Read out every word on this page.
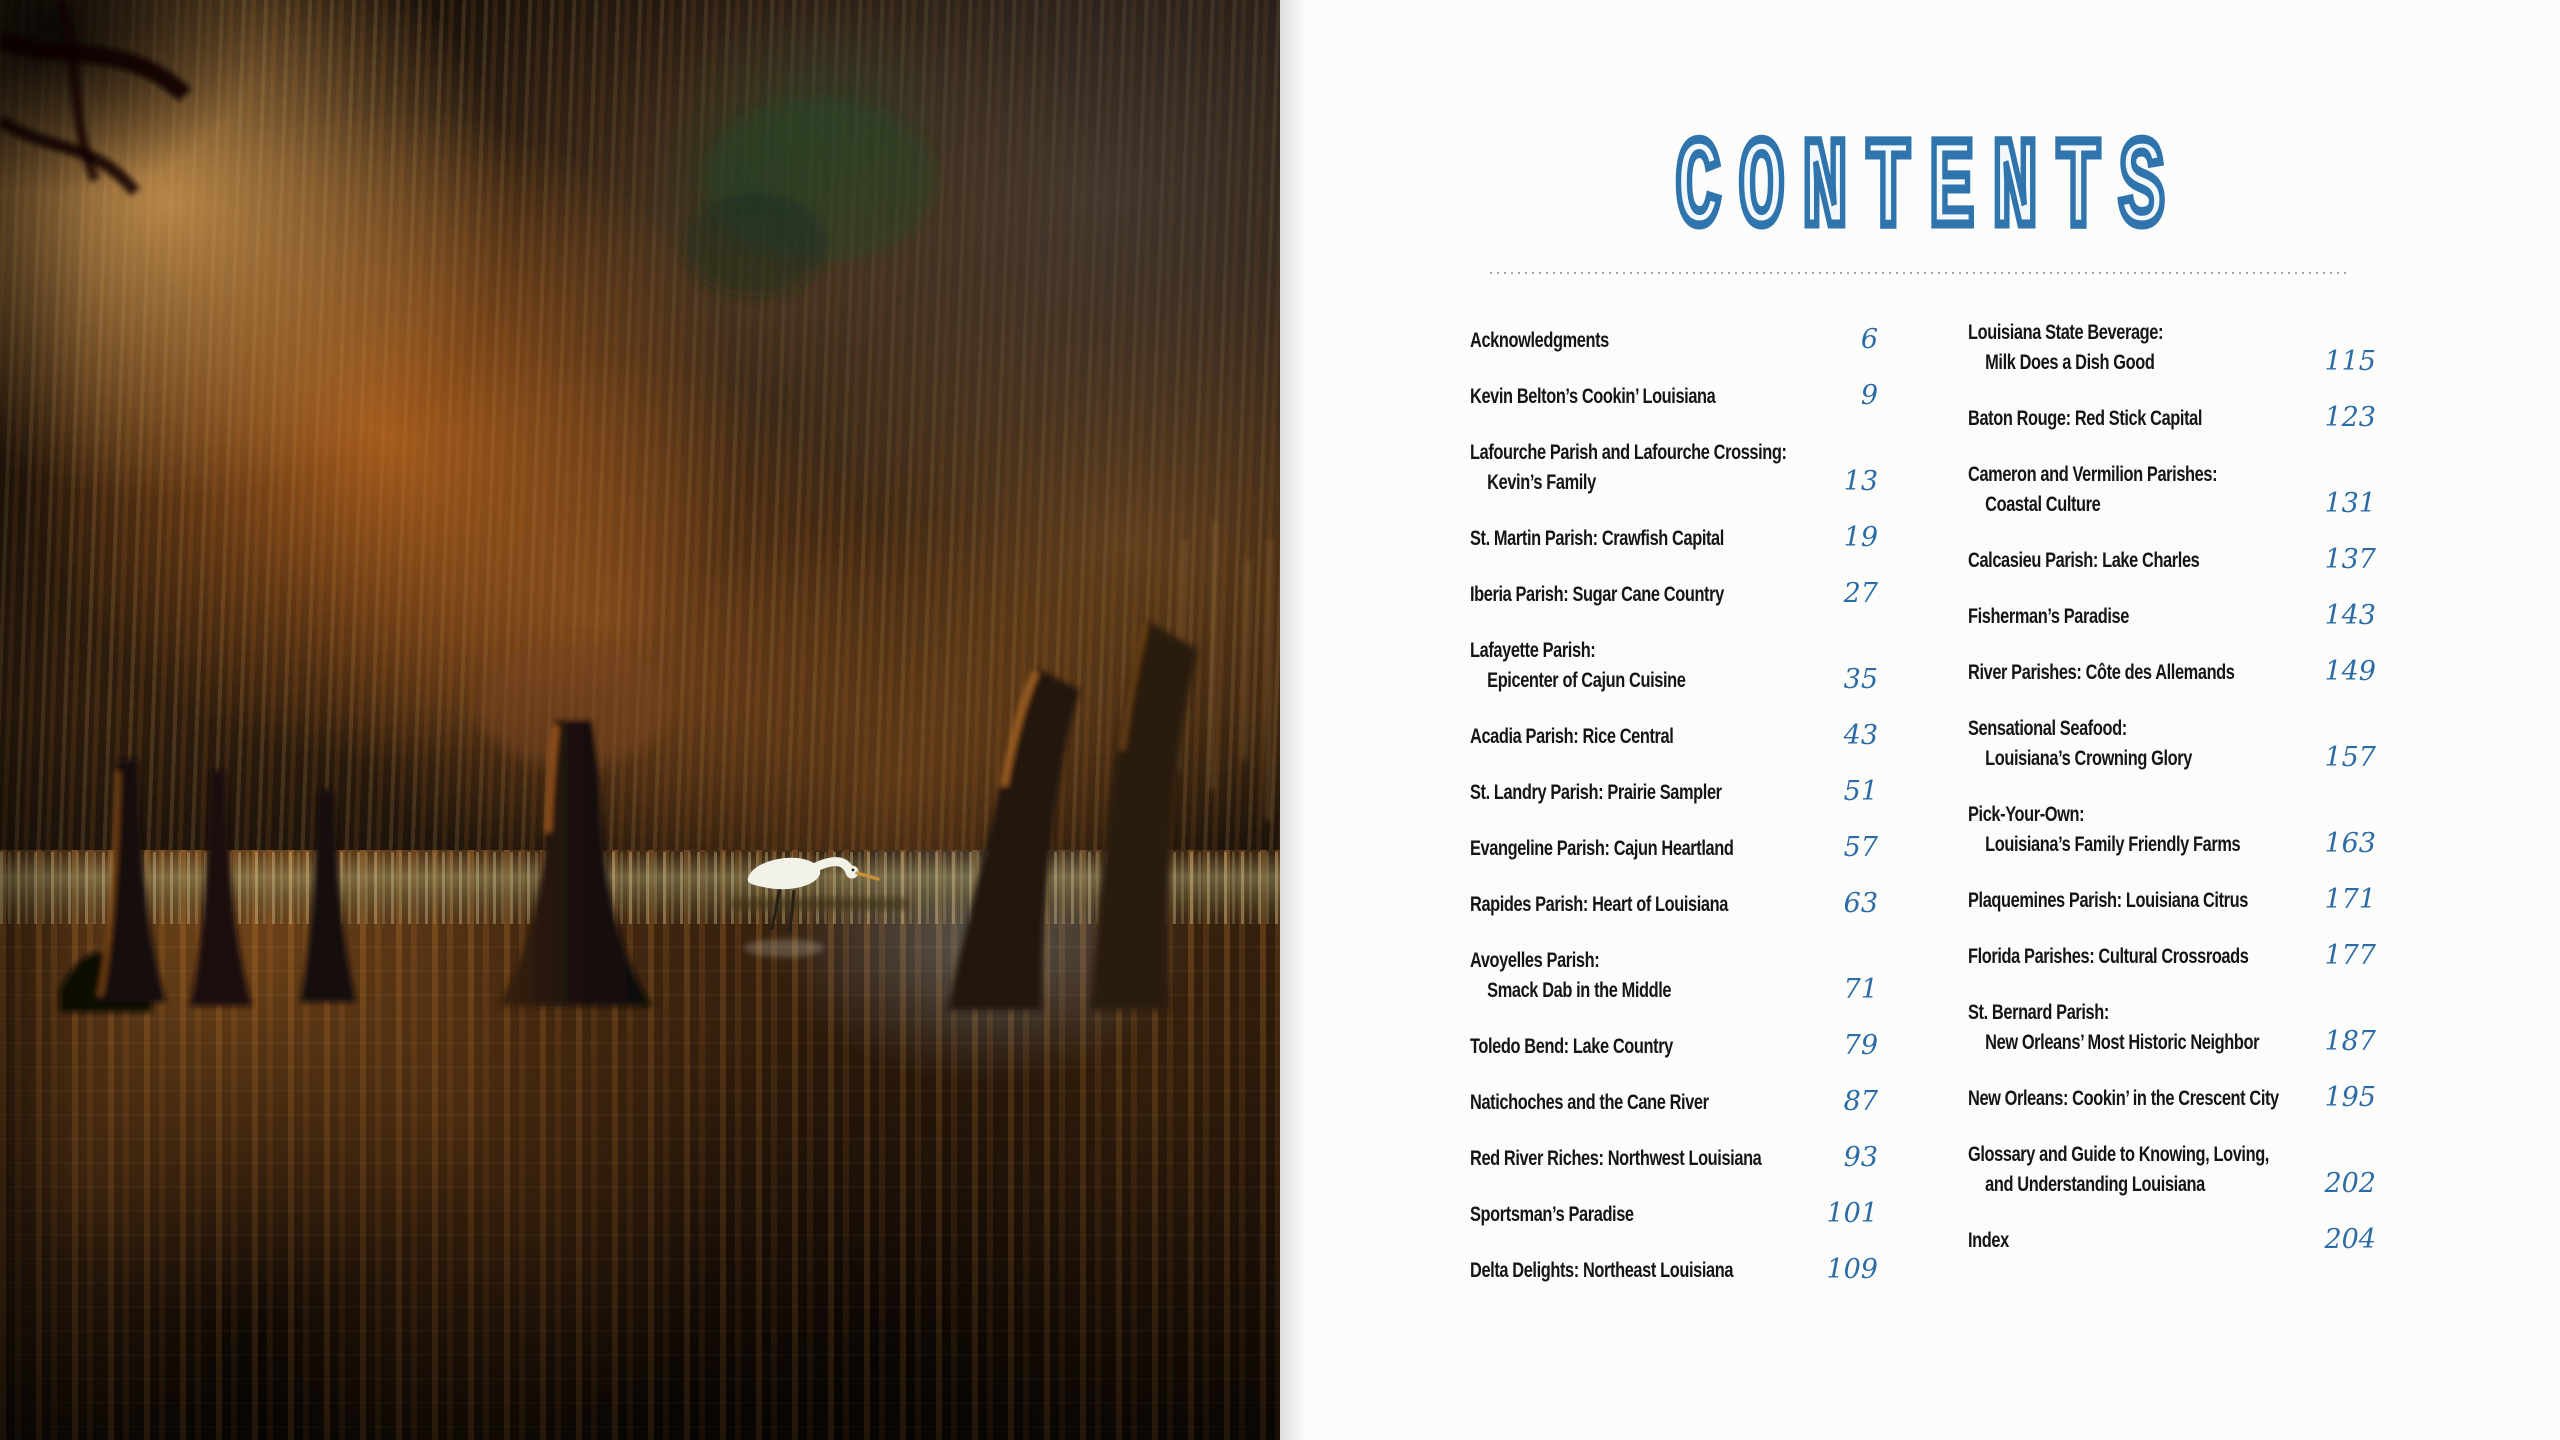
CONTENTS
Acknowledgments	6
Kevin Belton’s Cookin’ Louisiana	9
Lafourche Parish and Lafourche Crossing:
Kevin’s Family	13
St. Martin Parish: Crawfish Capital	19
Iberia Parish: Sugar Cane Country	27
Lafayette Parish:
Epicenter of Cajun Cuisine	35
Acadia Parish: Rice Central	43
St. Landry Parish: Prairie Sampler	51
Evangeline Parish: Cajun Heartland	57
Rapides Parish: Heart of Louisiana	63
Avoyelles Parish:
Smack Dab in the Middle	71
Toledo Bend: Lake Country	79
Natichoches and the Cane River	87
Red River Riches: Northwest Louisiana	93
Sportsman’s Paradise	101
Delta Delights: Northeast Louisiana	109
Louisiana State Beverage:
Milk Does a Dish Good	115
Baton Rouge: Red Stick Capital	123
Cameron and Vermilion Parishes:
Coastal Culture	131
Calcasieu Parish: Lake Charles	137
Fisherman’s Paradise	143
River Parishes: Côte des Allemands	149
Sensational Seafood:
Louisiana’s Crowning Glory	157
Pick-Your-Own:
Louisiana’s Family Friendly Farms	163
Plaquemines Parish: Louisiana Citrus	171
Florida Parishes: Cultural Crossroads	177
St. Bernard Parish:
New Orleans’ Most Historic Neighbor 187
New Orleans: Cookin’ in the Crescent City 195
Glossary and Guide to Knowing, Loving,
and Understanding Louisiana	202
Index	204
